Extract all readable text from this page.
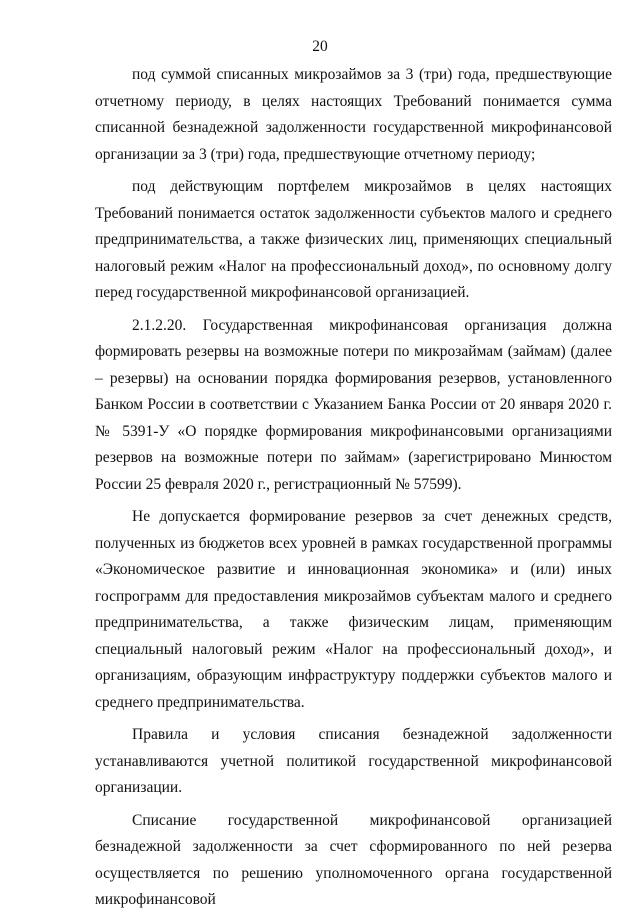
20

под суммой списанных микрозаймов за 3 (три) года, предшествующие отчетному периоду, в целях настоящих Требований понимается сумма списанной безнадежной задолженности государственной микрофинансовой организации за 3 (три) года, предшествующие отчетному периоду;

под действующим портфелем микрозаймов в целях настоящих Требований понимается остаток задолженности субъектов малого и среднего предпринимательства, а также физических лиц, применяющих специальный налоговый режим «Налог на профессиональный доход», по основному долгу перед государственной микрофинансовой организацией.

2.1.2.20. Государственная микрофинансовая организация должна формировать резервы на возможные потери по микрозаймам (займам) (далее – резервы) на основании порядка формирования резервов, установленного Банком России в соответствии с Указанием Банка России от 20 января 2020 г. № 5391-У «О порядке формирования микрофинансовыми организациями резервов на возможные потери по займам» (зарегистрировано Минюстом России 25 февраля 2020 г., регистрационный № 57599).

Не допускается формирование резервов за счет денежных средств, полученных из бюджетов всех уровней в рамках государственной программы «Экономическое развитие и инновационная экономика» и (или) иных госпрограмм для предоставления микрозаймов субъектам малого и среднего предпринимательства, а также физическим лицам, применяющим специальный налоговый режим «Налог на профессиональный доход», и организациям, образующим инфраструктуру поддержки субъектов малого и среднего предпринимательства.

Правила и условия списания безнадежной задолженности устанавливаются учетной политикой государственной микрофинансовой организации.

Списание государственной микрофинансовой организацией безнадежной задолженности за счет сформированного по ней резерва осуществляется по решению уполномоченного органа государственной микрофинансовой
